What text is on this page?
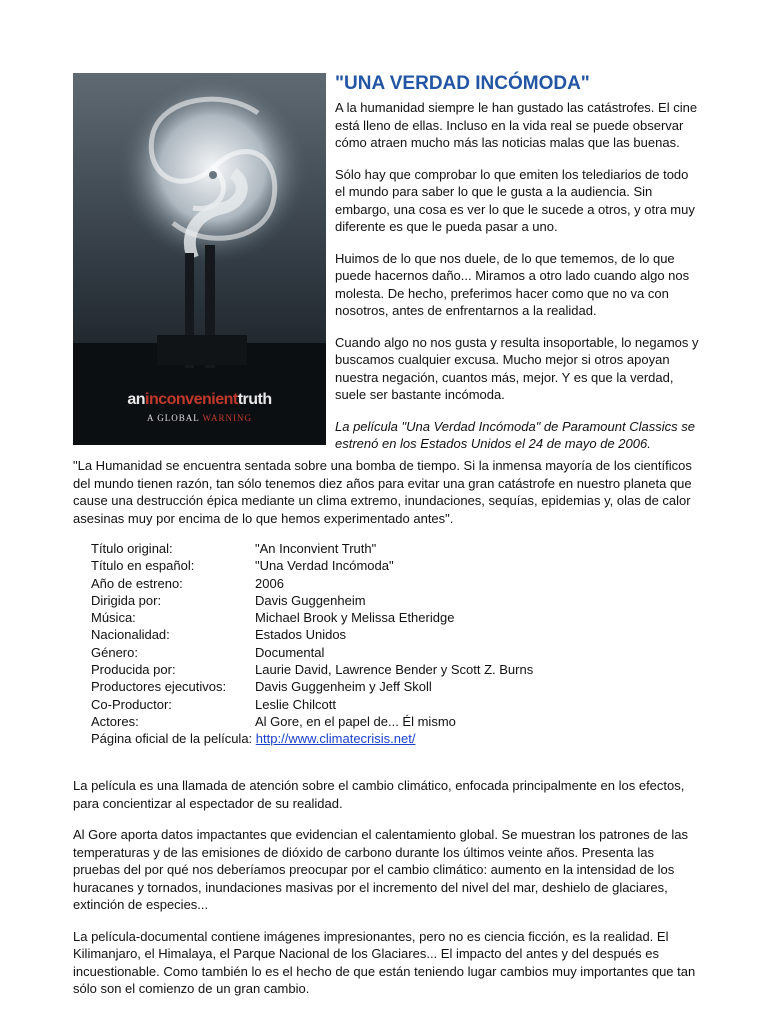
aninconvenienttruth
A GLOBAL WARNING
"UNA VERDAD INCÓMODA"

A la humanidad siempre le han gustado las catástrofes. El cine está lleno de ellas. Incluso en la vida real se puede observar cómo atraen mucho más las noticias malas que las buenas.

Sólo hay que comprobar lo que emiten los telediarios de todo el mundo para saber lo que le gusta a la audiencia. Sin embargo, una cosa es ver lo que le sucede a otros, y otra muy diferente es que le pueda pasar a uno.

Huimos de lo que nos duele, de lo que tememos, de lo que puede hacernos daño... Miramos a otro lado cuando algo nos molesta. De hecho, preferimos hacer como que no va con nosotros, antes de enfrentarnos a la realidad.

Cuando algo no nos gusta y resulta insoportable, lo negamos y buscamos cualquier excusa. Mucho mejor si otros apoyan nuestra negación, cuantos más, mejor. Y es que la verdad, suele ser bastante incómoda.

La película "Una Verdad Incómoda" de Paramount Classics se estrenó en los Estados Unidos el 24 de mayo de 2006.

"La Humanidad se encuentra sentada sobre una bomba de tiempo. Si la inmensa mayoría de los científicos del mundo tienen razón, tan sólo tenemos diez años para evitar una gran catástrofe en nuestro planeta que cause una destrucción épica mediante un clima extremo, inundaciones, sequías, epidemias y, olas de calor asesinas muy por encima de lo que hemos experimentado antes".

Título original:	"An Inconvient Truth"
Título en español:	"Una Verdad Incómoda"
Año de estreno:	2006
Dirigida por:	Davis Guggenheim
Música:	Michael Brook y Melissa Etheridge
Nacionalidad:	Estados Unidos
Género:	Documental
Producida por:	Laurie David, Lawrence Bender y Scott Z. Burns
Productores ejecutivos:	Davis Guggenheim y Jeff Skoll
Co-Productor:	Leslie Chilcott
Actores:	Al Gore, en el papel de... Él mismo
Página oficial de la película:
http://www.climatecrisis.net/

La película es una llamada de atención sobre el cambio climático, enfocada principalmente en los efectos, para concientizar al espectador de su realidad.

Al Gore aporta datos impactantes que evidencian el calentamiento global. Se muestran los patrones de las temperaturas y de las emisiones de dióxido de carbono durante los últimos veinte años. Presenta las pruebas del por qué nos deberíamos preocupar por el cambio climático: aumento en la intensidad de los huracanes y tornados, inundaciones masivas por el incremento del nivel del mar, deshielo de glaciares, extinción de especies...

La película-documental contiene imágenes impresionantes, pero no es ciencia ficción, es la realidad. El Kilimanjaro, el Himalaya, el Parque Nacional de los Glaciares... El impacto del antes y del después es incuestionable. Como también lo es el hecho de que están teniendo lugar cambios muy importantes que tan sólo son el comienzo de un gran cambio.
